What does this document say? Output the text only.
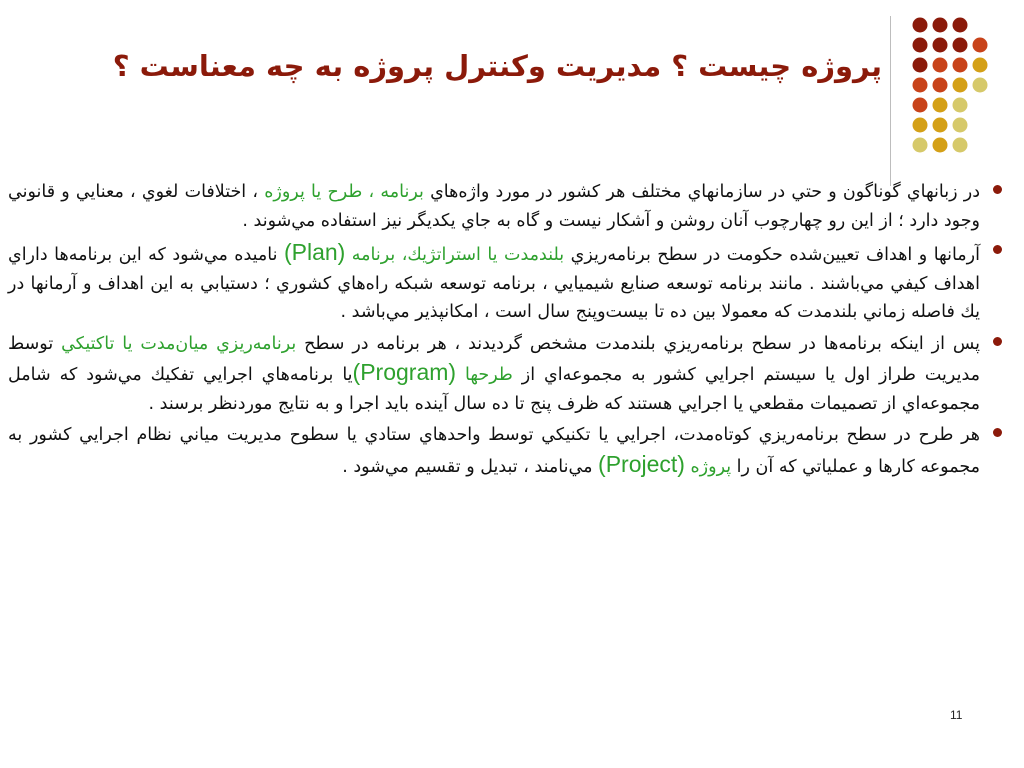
پروژه چيست ؟ مديريت وكنترل پروژه به چه معناست ؟

در زبانهاي گوناگون و حتي در سازمانهاي مختلف هر كشور در مورد واژه‌هاي برنامه ، طرح يا پروژه ، اختلافات لغوي ، معنايي و قانوني وجود دارد ؛ از اين رو چهارچوب آنان روشن و آشكار نيست و گاه به جاي يكديگر نيز استفاده مي‌شوند .

آرمانها و اهداف تعيين‌شده حكومت در سطح برنامه‌ريزي بلندمدت يا استراتژيك، برنامه (Plan) ناميده مي‌شود كه اين برنامه‌ها داراي اهداف كيفي مي‌باشند . مانند برنامه توسعه صنايع شيميايي ، برنامه توسعه شبكه راه‌هاي كشوري ؛ دستيابي به اين اهداف و آرمانها در يك فاصله زماني بلندمدت كه معمولا بين ده تا بيست‌وپنج سال است ، امكانپذير مي‌باشد .

پس از اينكه برنامه‌ها در سطح برنامه‌ريزي بلندمدت مشخص گرديدند ، هر برنامه در سطح برنامه‌ريزي ميان‌مدت يا تاكتيكي توسط مديريت طراز اول يا سيستم اجرايي كشور به مجموعه‌اي از طرحها (Program)يا برنامه‌هاي اجرايي تفكيك مي‌شود كه شامل مجموعه‌اي از تصميمات مقطعي يا اجرايي هستند كه ظرف پنج تا ده سال آينده بايد اجرا و به نتايج موردنظر برسند .

هر طرح در سطح برنامه‌ريزي كوتاه‌مدت، اجرايي يا تكنيكي توسط واحدهاي ستادي يا سطوح مديريت مياني نظام اجرايي كشور به مجموعه كارها و عملياتي كه آن را پروژه (Project) مي‌نامند ، تبديل و تقسيم مي‌شود .

11
